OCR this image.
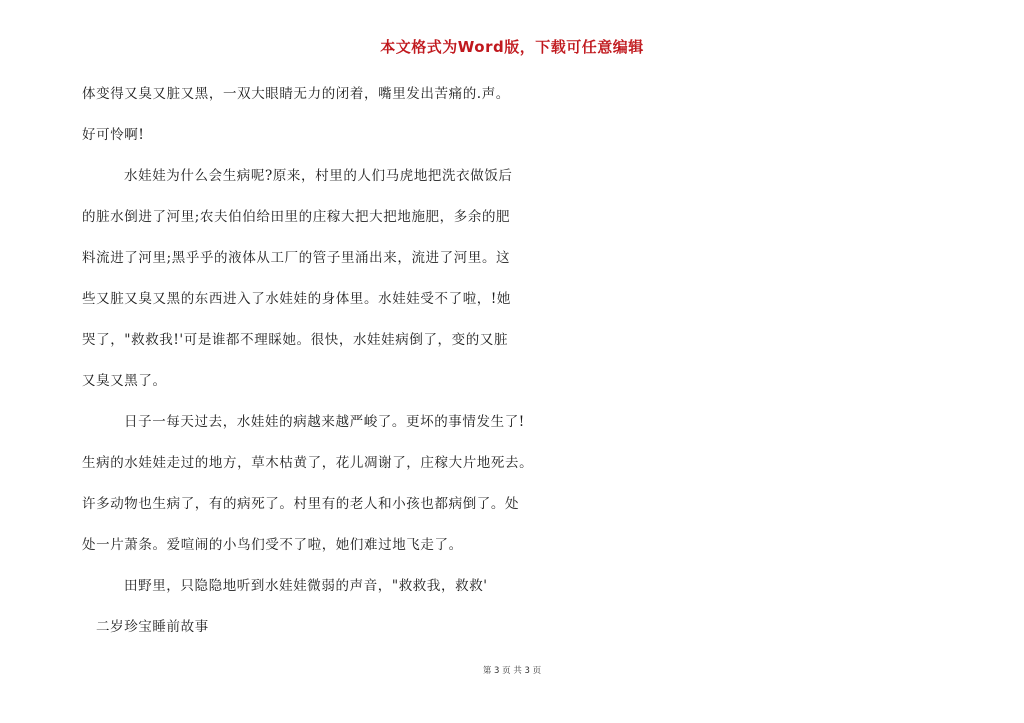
本文格式为Word版，下载可任意编辑
体变得又臭又脏又黑，一双大眼睛无力的闭着，嘴里发出苦痛的.声。
好可怜啊!
水娃娃为什么会生病呢?原来，村里的人们马虎地把洗衣做饭后
的脏水倒进了河里;农夫伯伯给田里的庄稼大把大把地施肥，多余的肥
料流进了河里;黑乎乎的液体从工厂的管子里涌出来，流进了河里。这
些又脏又臭又黑的东西进入了水娃娃的身体里。水娃娃受不了啦，!她
哭了，"救救我!'可是谁都不理睬她。很快，水娃娃病倒了，变的又脏
又臭又黑了。
日子一每天过去，水娃娃的病越来越严峻了。更坏的事情发生了!
生病的水娃娃走过的地方，草木枯黄了，花儿凋谢了，庄稼大片地死去。
许多动物也生病了，有的病死了。村里有的老人和小孩也都病倒了。处
处一片萧条。爱喧闹的小鸟们受不了啦，她们难过地飞走了。
田野里，只隐隐地听到水娃娃微弱的声音，"救救我，救救'
二岁珍宝睡前故事
第 3 页 共 3 页
